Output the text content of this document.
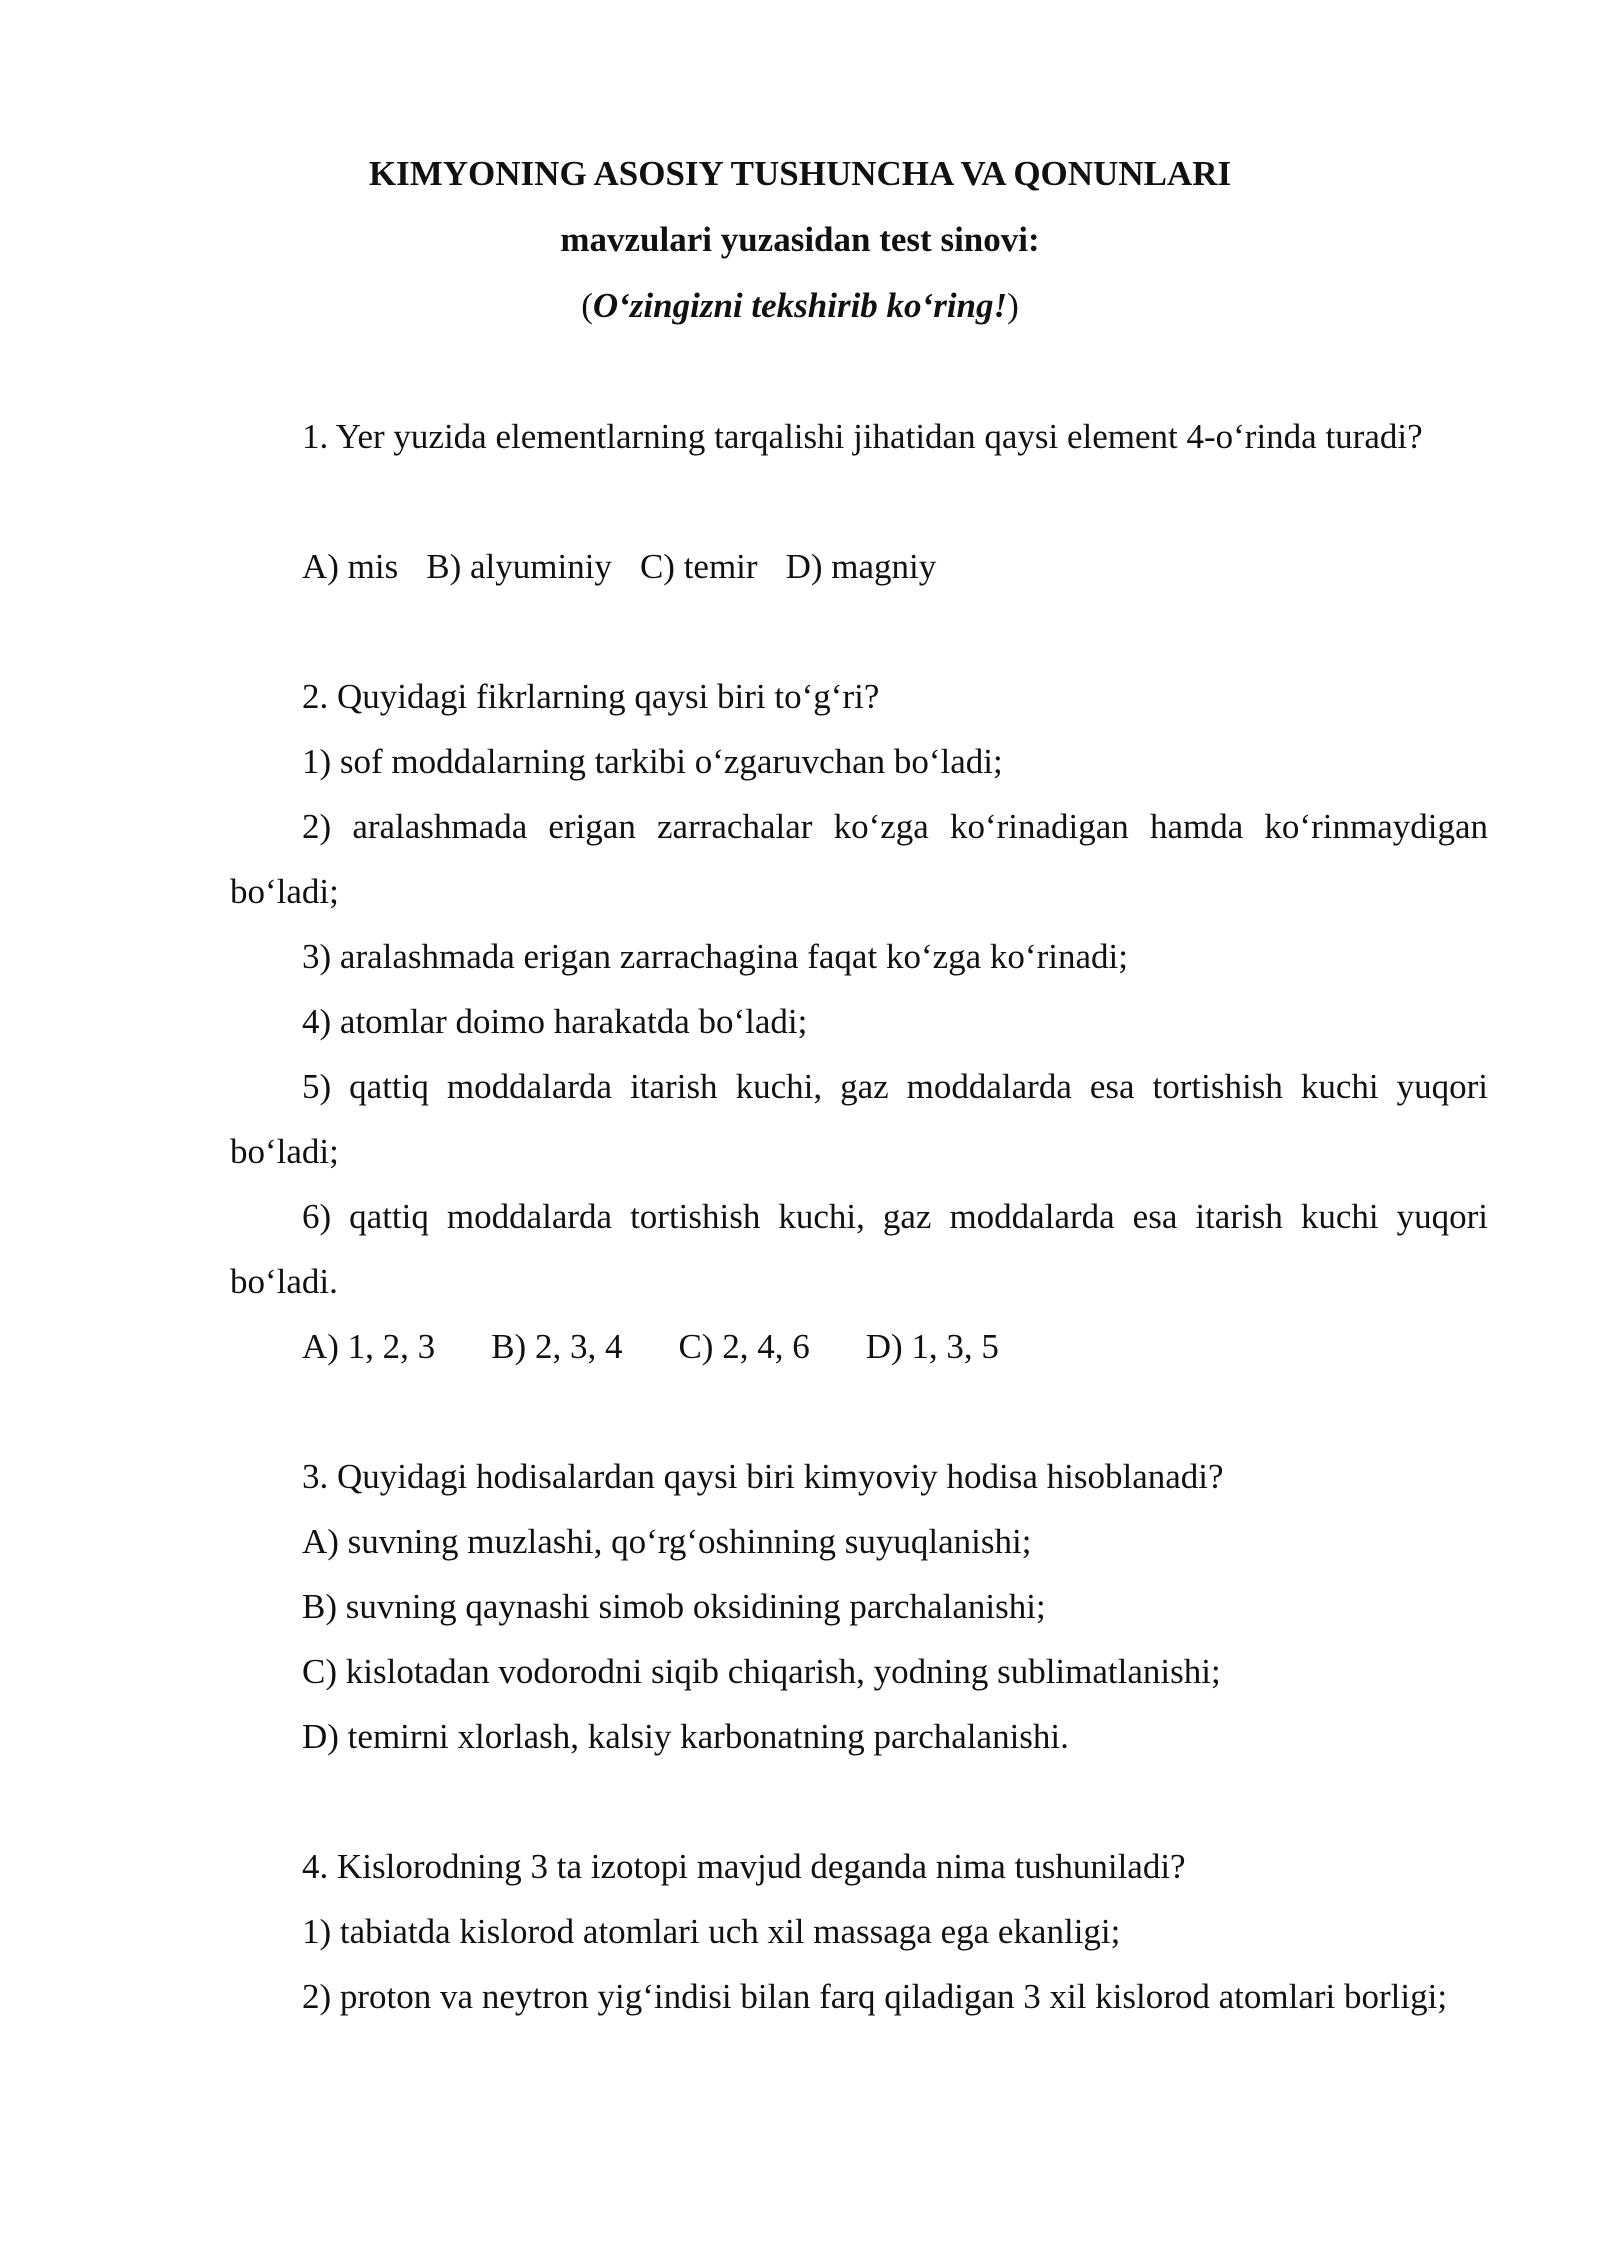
KIMYONING ASOSIY TUSHUNCHA VA QONUNLARI
mavzulari yuzasidan test sinovi:
(O‘zingizni tekshirib ko‘ring!)
1. Yer yuzida elementlarning tarqalishi jihatidan qaysi element 4-o‘rinda turadi?
A) mis B) alyuminiy C) temir D) magniy
2. Quyidagi fikrlarning qaysi biri to‘g‘ri?
1) sof moddalarning tarkibi o‘zgaruvchan bo‘ladi;
2) aralashmada erigan zarrachalar ko‘zga ko‘rinadigan hamda ko‘rinmaydigan bo‘ladi;
3) aralashmada erigan zarrachagina faqat ko‘zga ko‘rinadi;
4) atomlar doimo harakatda bo‘ladi;
5) qattiq moddalarda itarish kuchi, gaz moddalarda esa tortishish kuchi yuqori bo‘ladi;
6) qattiq moddalarda tortishish kuchi, gaz moddalarda esa itarish kuchi yuqori bo‘ladi.
A) 1, 2, 3 B) 2, 3, 4 C) 2, 4, 6 D) 1, 3, 5
3. Quyidagi hodisalardan qaysi biri kimyoviy hodisa hisoblanadi?
A) suvning muzlashi, qo‘rg‘oshinning suyuqlanishi;
B) suvning qaynashi simob oksidining parchalanishi;
C) kislotadan vodorodni siqib chiqarish, yodning sublimatlanishi;
D) temirni xlorlash, kalsiy karbonatning parchalanishi.
4. Kislorodning 3 ta izotopi mavjud deganda nima tushuniladi?
1) tabiatda kislorod atomlari uch xil massaga ega ekanligi;
2) proton va neytron yig‘indisi bilan farq qiladigan 3 xil kislorod atomlari borligi;
